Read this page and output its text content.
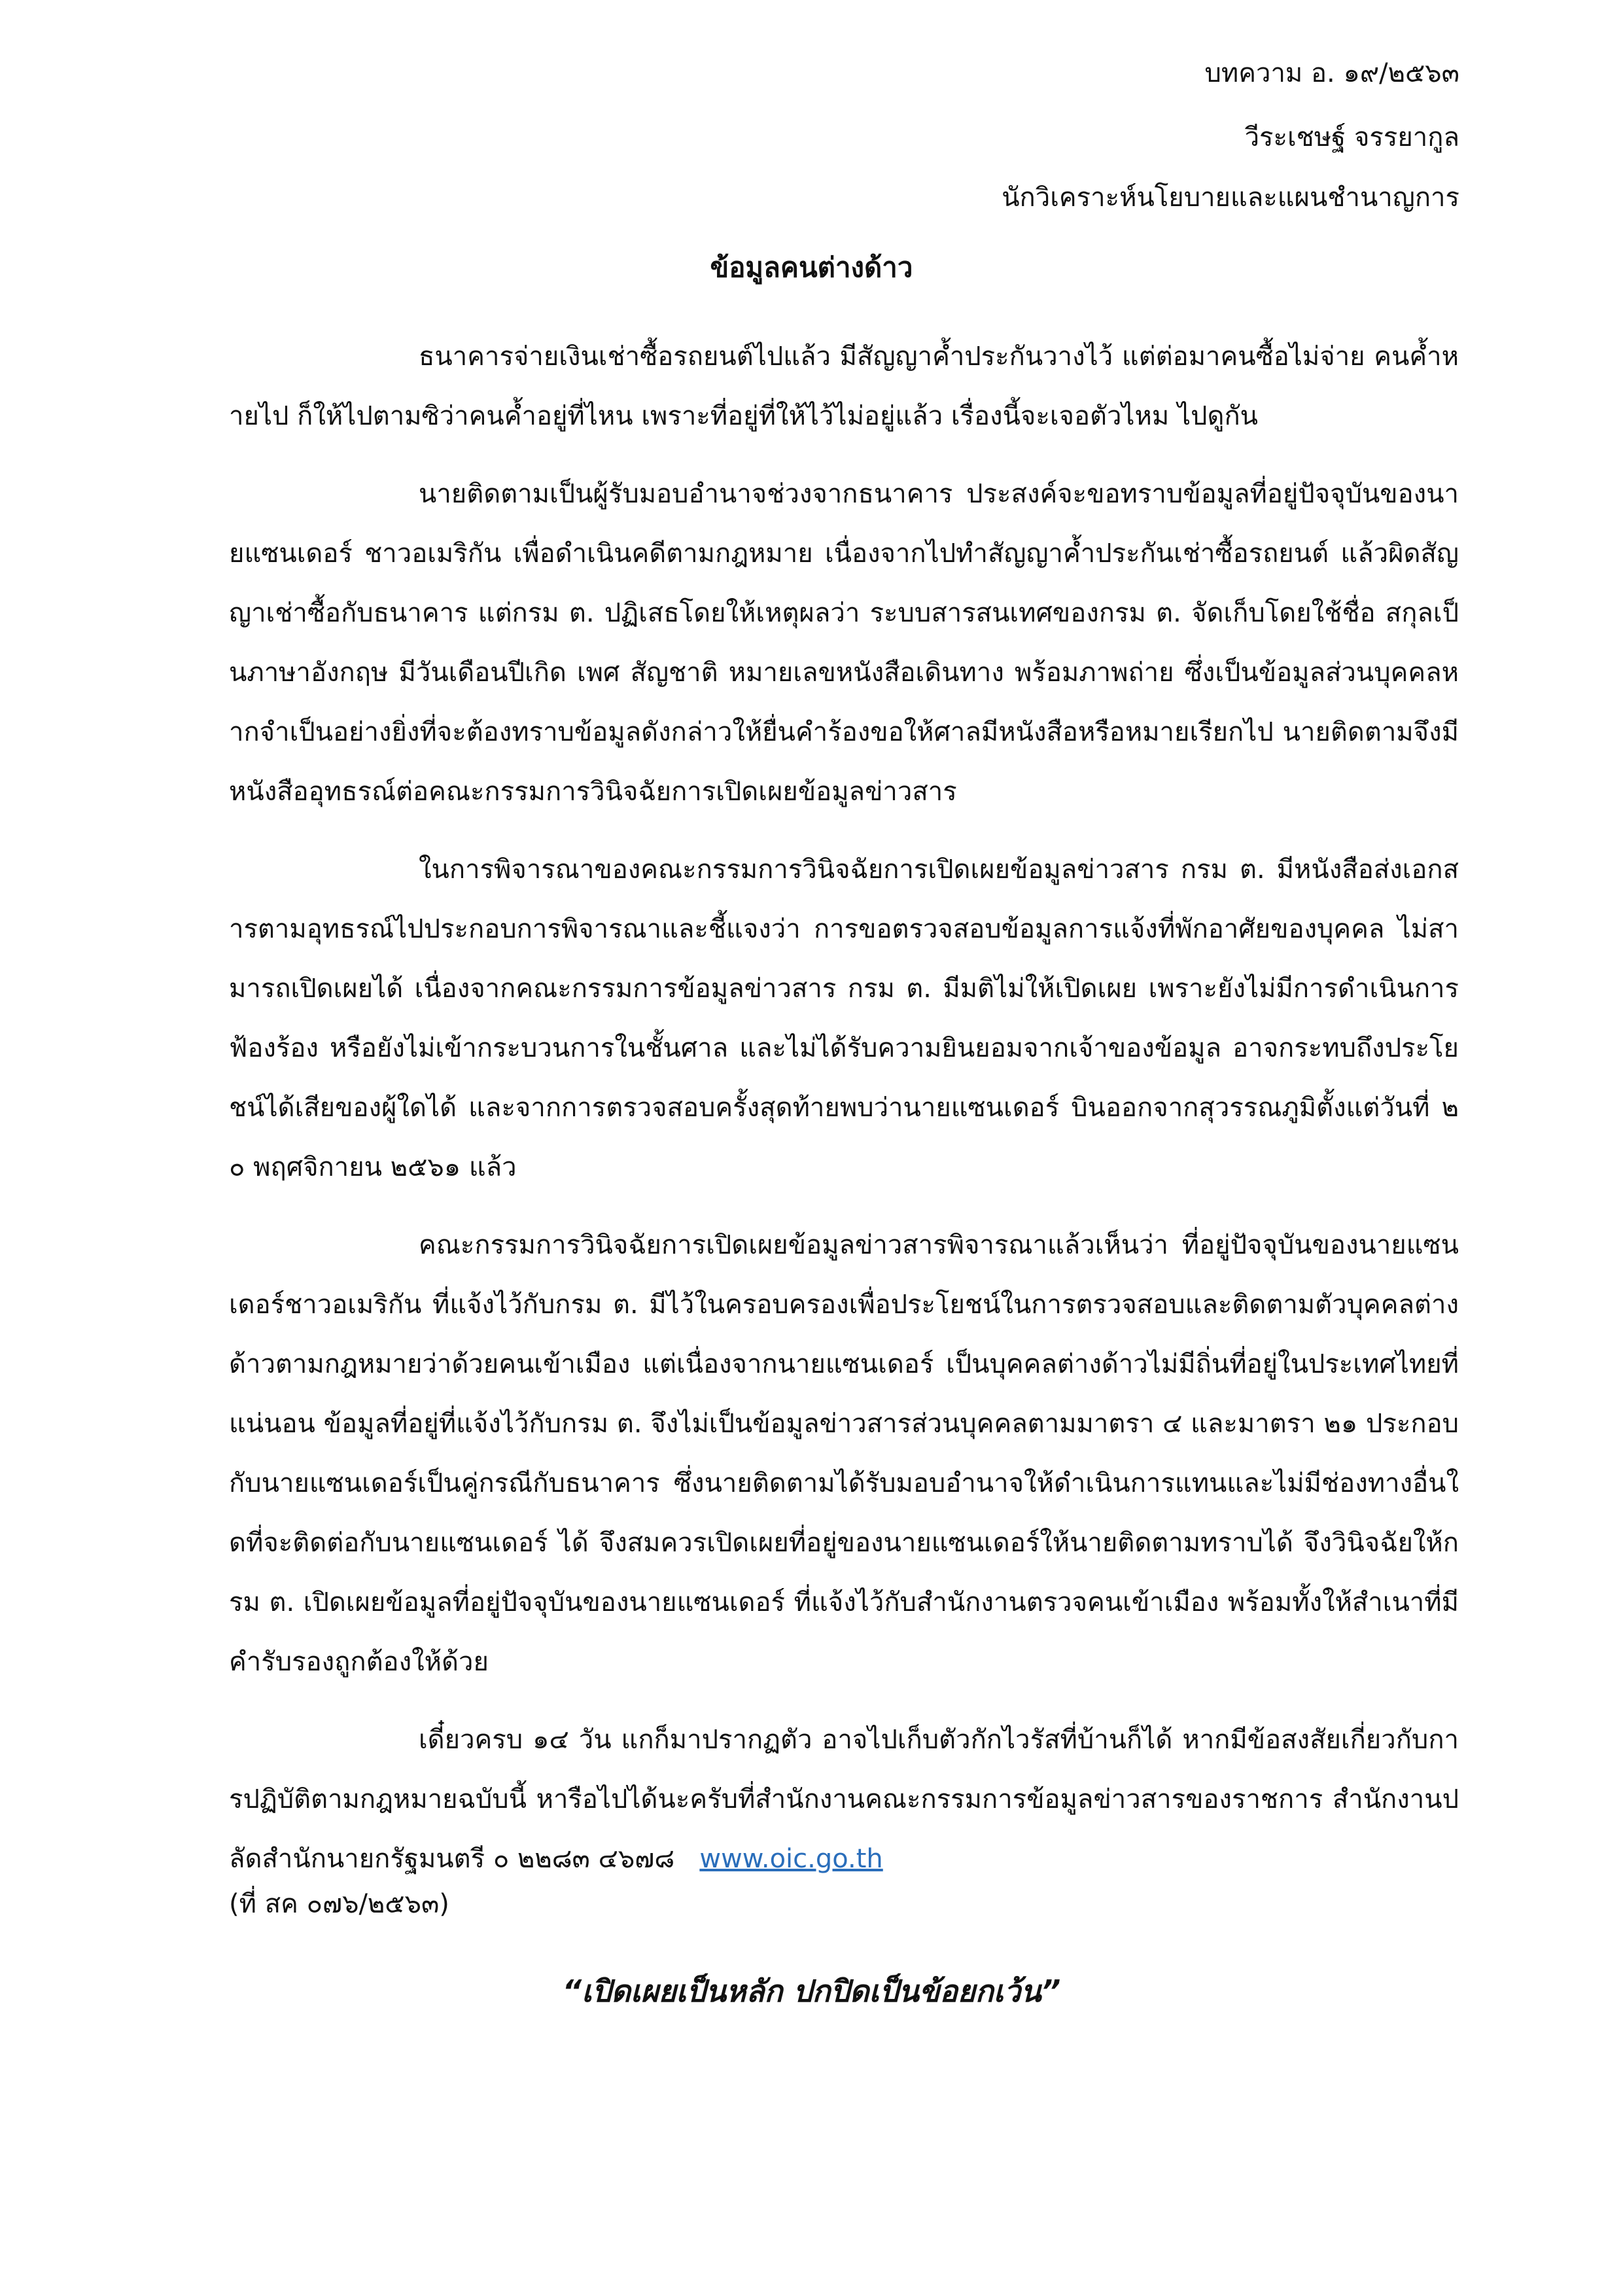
บทความ อ. ๑๙/๒๕๖๓
วีระเชษฐ์ จรรยากูล
นักวิเคราะห์นโยบายและแผนชำนาญการ
ข้อมูลคนต่างด้าว

ธนาคารจ่ายเงินเช่าซื้อรถยนต์ไปแล้ว มีสัญญาค้ำประกันวางไว้ แต่ต่อมาคนซื้อไม่จ่าย คนค้ำหายไป ก็ให้ไปตามซิว่าคนค้ำอยู่ที่ไหน เพราะที่อยู่ที่ให้ไว้ไม่อยู่แล้ว เรื่องนี้จะเจอตัวไหม ไปดูกัน

นายติดตามเป็นผู้รับมอบอำนาจช่วงจากธนาคาร ประสงค์จะขอทราบข้อมูลที่อยู่ปัจจุบันของนายแซนเดอร์ ชาวอเมริกัน เพื่อดำเนินคดีตามกฎหมาย เนื่องจากไปทำสัญญาค้ำประกันเช่าซื้อรถยนต์ แล้วผิดสัญญาเช่าซื้อกับธนาคาร แต่กรม ต. ปฏิเสธโดยให้เหตุผลว่า ระบบสารสนเทศของกรม ต. จัดเก็บโดยใช้ชื่อ สกุลเป็นภาษาอังกฤษ มีวันเดือนปีเกิด เพศ สัญชาติ หมายเลขหนังสือเดินทาง พร้อมภาพถ่าย ซึ่งเป็นข้อมูลส่วนบุคคลหากจำเป็นอย่างยิ่งที่จะต้องทราบข้อมูลดังกล่าวให้ยื่นคำร้องขอให้ศาลมีหนังสือหรือหมายเรียกไป นายติดตามจึงมีหนังสืออุทธรณ์ต่อคณะกรรมการวินิจฉัยการเปิดเผยข้อมูลข่าวสาร

ในการพิจารณาของคณะกรรมการวินิจฉัยการเปิดเผยข้อมูลข่าวสาร กรม ต. มีหนังสือส่งเอกสารตามอุทธรณ์ไปประกอบการพิจารณาและชี้แจงว่า การขอตรวจสอบข้อมูลการแจ้งที่พักอาศัยของบุคคล ไม่สามารถเปิดเผยได้ เนื่องจากคณะกรรมการข้อมูลข่าวสาร กรม ต. มีมติไม่ให้เปิดเผย เพราะยังไม่มีการดำเนินการฟ้องร้อง หรือยังไม่เข้ากระบวนการในชั้นศาล และไม่ได้รับความยินยอมจากเจ้าของข้อมูล อาจกระทบถึงประโยชน์ได้เสียของผู้ใดได้ และจากการตรวจสอบครั้งสุดท้ายพบว่านายแซนเดอร์ บินออกจากสุวรรณภูมิตั้งแต่วันที่ ๒๐ พฤศจิกายน ๒๕๖๑ แล้ว

คณะกรรมการวินิจฉัยการเปิดเผยข้อมูลข่าวสารพิจารณาแล้วเห็นว่า ที่อยู่ปัจจุบันของนายแซนเดอร์ชาวอเมริกัน ที่แจ้งไว้กับกรม ต. มีไว้ในครอบครองเพื่อประโยชน์ในการตรวจสอบและติดตามตัวบุคคลต่างด้าวตามกฎหมายว่าด้วยคนเข้าเมือง แต่เนื่องจากนายแซนเดอร์ เป็นบุคคลต่างด้าวไม่มีถิ่นที่อยู่ในประเทศไทยที่แน่นอน ข้อมูลที่อยู่ที่แจ้งไว้กับกรม ต. จึงไม่เป็นข้อมูลข่าวสารส่วนบุคคลตามมาตรา ๔ และมาตรา ๒๑ ประกอบกับนายแซนเดอร์เป็นคู่กรณีกับธนาคาร ซึ่งนายติดตามได้รับมอบอำนาจให้ดำเนินการแทนและไม่มีช่องทางอื่นใดที่จะติดต่อกับนายแซนเดอร์ ได้ จึงสมควรเปิดเผยที่อยู่ของนายแซนเดอร์ให้นายติดตามทราบได้ จึงวินิจฉัยให้กรม ต. เปิดเผยข้อมูลที่อยู่ปัจจุบันของนายแซนเดอร์ ที่แจ้งไว้กับสำนักงานตรวจคนเข้าเมือง พร้อมทั้งให้สำเนาที่มีคำรับรองถูกต้องให้ด้วย

เดี๋ยวครบ ๑๔ วัน แกก็มาปรากฏตัว อาจไปเก็บตัวกักไวรัสที่บ้านก็ได้ หากมีข้อสงสัยเกี่ยวกับการปฏิบัติตามกฎหมายฉบับนี้ หารือไปได้นะครับที่สำนักงานคณะกรรมการข้อมูลข่าวสารของราชการ สำนักงานปลัดสำนักนายกรัฐมนตรี ๐ ๒๒๘๓ ๔๖๗๘ www.oic.go.th

(ที่ สค ๐๗๖/๒๕๖๓)

“เปิดเผยเป็นหลัก ปกปิดเป็นข้อยกเว้น”
